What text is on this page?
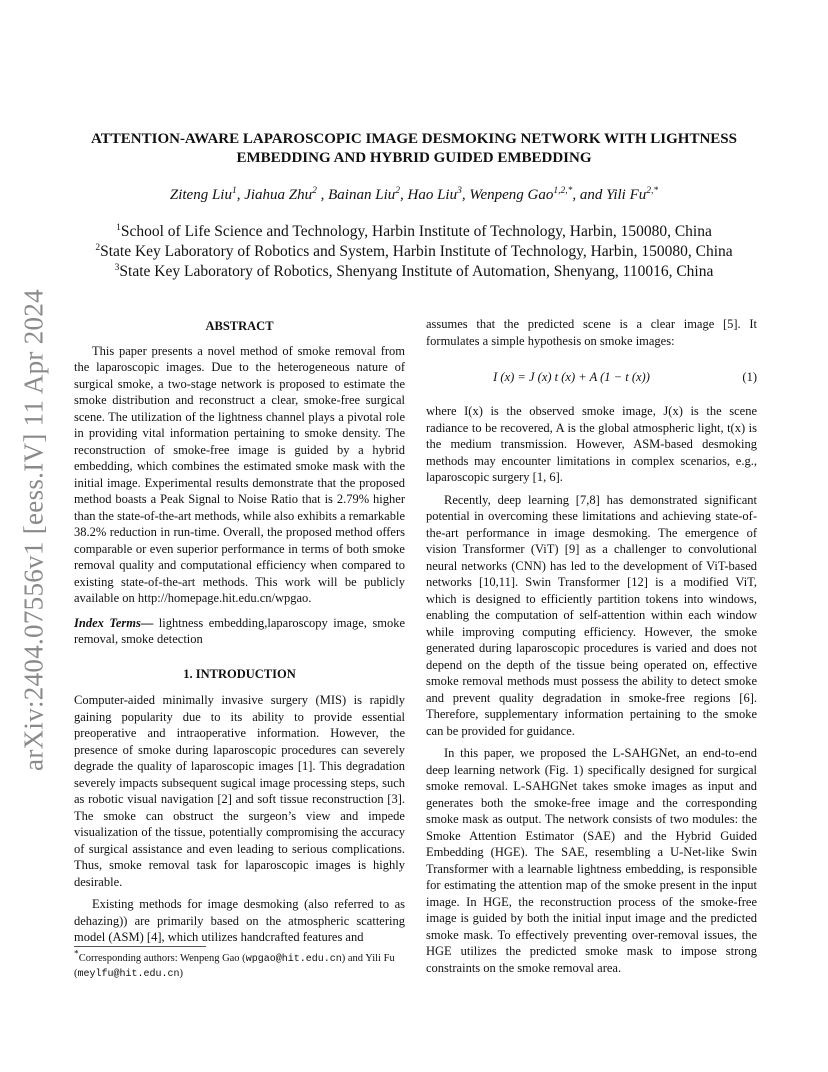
arXiv:2404.07556v1 [eess.IV] 11 Apr 2024
ATTENTION-AWARE LAPAROSCOPIC IMAGE DESMOKING NETWORK WITH LIGHTNESS EMBEDDING AND HYBRID GUIDED EMBEDDING
Ziteng Liu$^1$, Jiahua Zhu$^2$ , Bainan Liu$^2$, Hao Liu$^3$, Wenpeng Gao$^{1,2,*}$, and Yili $Fu^{2,*}$
$^1$School of Life Science and Technology, Harbin Institute of Technology, Harbin, 150080, China
$^2$State Key Laboratory of Robotics and System, Harbin Institute of Technology, Harbin, 150080, China
$^3$State Key Laboratory of Robotics, Shenyang Institute of Automation, Shenyang, 110016, China
ABSTRACT

This paper presents a novel method of smoke removal from the laparoscopic images. Due to the heterogeneous nature of surgical smoke, a two-stage network is proposed to estimate the smoke distribution and reconstruct a clear, smoke-free surgical scene. The utilization of the lightness channel plays a pivotal role in providing vital information pertaining to smoke density. The reconstruction of smoke-free image is guided by a hybrid embedding, which combines the estimated smoke mask with the initial image. Experimental results demonstrate that the proposed method boasts a Peak Signal to Noise Ratio that is 2.79% higher than the state-of-the-art methods, while also exhibits a remarkable 38.2% reduction in run-time. Overall, the proposed method offers comparable or even superior performance in terms of both smoke removal quality and computational efficiency when compared to existing state-of-the-art methods. This work will be publicly available on http://homepage.hit.edu.cn/wpgao.

Index Terms— lightness embedding,laparoscopy image, smoke removal, smoke detection

1. INTRODUCTION

Computer-aided minimally invasive surgery (MIS) is rapidly gaining popularity due to its ability to provide essential preoperative and intraoperative information. However, the presence of smoke during laparoscopic procedures can severely degrade the quality of laparoscopic images [1]. This degradation severely impacts subsequent sugical image processing steps, such as robotic visual navigation [2] and soft tissue reconstruction [3]. The smoke can obstruct the surgeon’s view and impede visualization of the tissue, potentially compromising the accuracy of surgical assistance and even leading to serious complications. Thus, smoke removal task for laparoscopic images is highly desirable.

Existing methods for image desmoking (also referred to as dehazing)) are primarily based on the atmospheric scattering model (ASM) [4], which utilizes handcrafted features and

assumes that the predicted scene is a clear image [5]. It formulates a simple hypothesis on smoke images:

I (x) = J (x) t (x) + A (1 − t (x))	(1)

where I(x) is the observed smoke image, J(x) is the scene radiance to be recovered, A is the global atmospheric light, t(x) is the medium transmission. However, ASM-based desmoking methods may encounter limitations in complex scenarios, e.g., laparoscopic surgery [1, 6].

Recently, deep learning [7,8] has demonstrated significant potential in overcoming these limitations and achieving state-of-the-art performance in image desmoking. The emergence of vision Transformer (ViT) [9] as a challenger to convolutional neural networks (CNN) has led to the development of ViT-based networks [10,11]. Swin Transformer [12] is a modified ViT, which is designed to efficiently partition tokens into windows, enabling the computation of self-attention within each window while improving computing efficiency. However, the smoke generated during laparoscopic procedures is varied and does not depend on the depth of the tissue being operated on, effective smoke removal methods must possess the ability to detect smoke and prevent quality degradation in smoke-free regions [6]. Therefore, supplementary information pertaining to the smoke can be provided for guidance.

In this paper, we proposed the L-SAHGNet, an end-to-end deep learning network (Fig. 1) specifically designed for surgical smoke removal. L-SAHGNet takes smoke images as input and generates both the smoke-free image and the corresponding smoke mask as output. The network consists of two modules: the Smoke Attention Estimator (SAE) and the Hybrid Guided Embedding (HGE). The SAE, resembling a U-Net-like Swin Transformer with a learnable lightness embedding, is responsible for estimating the attention map of the smoke present in the input image. In HGE, the reconstruction process of the smoke-free image is guided by both the initial input image and the predicted smoke mask. To effectively preventing over-removal issues, the HGE utilizes the predicted smoke mask to impose strong constraints on the smoke removal area.

*Corresponding authors: Wenpeng Gao (wpgao@hit.edu.cn) and Yili Fu (meylfu@hit.edu.cn)
